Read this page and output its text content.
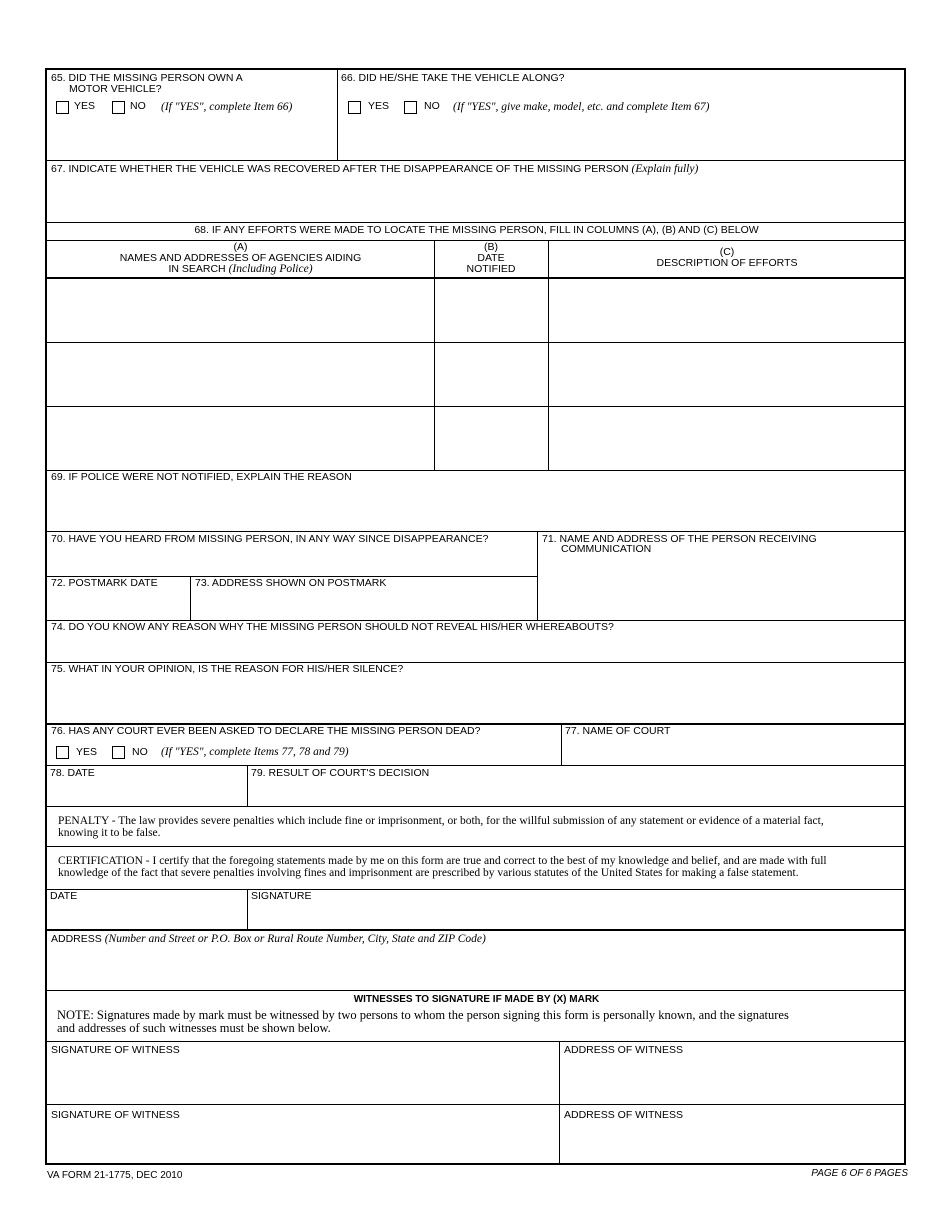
65. DID THE MISSING PERSON OWN A
MOTOR VEHICLE?
YES	NO (If "YES", complete Item 66)
66. DID HE/SHE TAKE THE VEHICLE ALONG?
YES	NO (If "YES", give make, model, etc. and complete Item 67)
67. INDICATE WHETHER THE VEHICLE WAS RECOVERED AFTER THE DISAPPEARANCE OF THE MISSING PERSON (Explain fully)
68. IF ANY EFFORTS WERE MADE TO LOCATE THE MISSING PERSON, FILL IN COLUMNS (A), (B) AND (C) BELOW
(A)
NAMES AND ADDRESSES OF AGENCIES AIDING
IN SEARCH (Including Police)
(B)
DATE
NOTIFIED
(C)
DESCRIPTION OF EFFORTS
69. IF POLICE WERE NOT NOTIFIED, EXPLAIN THE REASON
70. HAVE YOU HEARD FROM MISSING PERSON, IN ANY WAY SINCE DISAPPEARANCE?	71. NAME AND ADDRESS OF THE PERSON RECEIVING
COMMUNICATION
72. POSTMARK DATE	73. ADDRESS SHOWN ON POSTMARK
74. DO YOU KNOW ANY REASON WHY THE MISSING PERSON SHOULD NOT REVEAL HIS/HER WHEREABOUTS?
75. WHAT IN YOUR OPINION, IS THE REASON FOR HIS/HER SILENCE?
76. HAS ANY COURT EVER BEEN ASKED TO DECLARE THE MISSING PERSON DEAD?
YES	NO (If "YES", complete Items 77, 78 and 79)
77. NAME OF COURT
78. DATE	79. RESULT OF COURT'S DECISION
PENALTY - The law provides severe penalties which include fine or imprisonment, or both, for the willful submission of any statement or evidence of a material fact,
knowing it to be false.
CERTIFICATION - I certify that the foregoing statements made by me on this form are true and correct to the best of my knowledge and belief, and are made with full
knowledge of the fact that severe penalties involving fines and imprisonment are prescribed by various statutes of the United States for making a false statement.
DATE	SIGNATURE
ADDRESS (Number and Street or P.O. Box or Rural Route Number, City, State and ZIP Code)
WITNESSES TO SIGNATURE IF MADE BY (X) MARK
NOTE: Signatures made by mark must be witnessed by two persons to whom the person signing this form is personally known, and the signatures
and addresses of such witnesses must be shown below.
SIGNATURE OF WITNESS	ADDRESS OF WITNESS
SIGNATURE OF WITNESS	ADDRESS OF WITNESS
VA FORM 21-1775, DEC 2010	PAGE 6 OF 6 PAGES
